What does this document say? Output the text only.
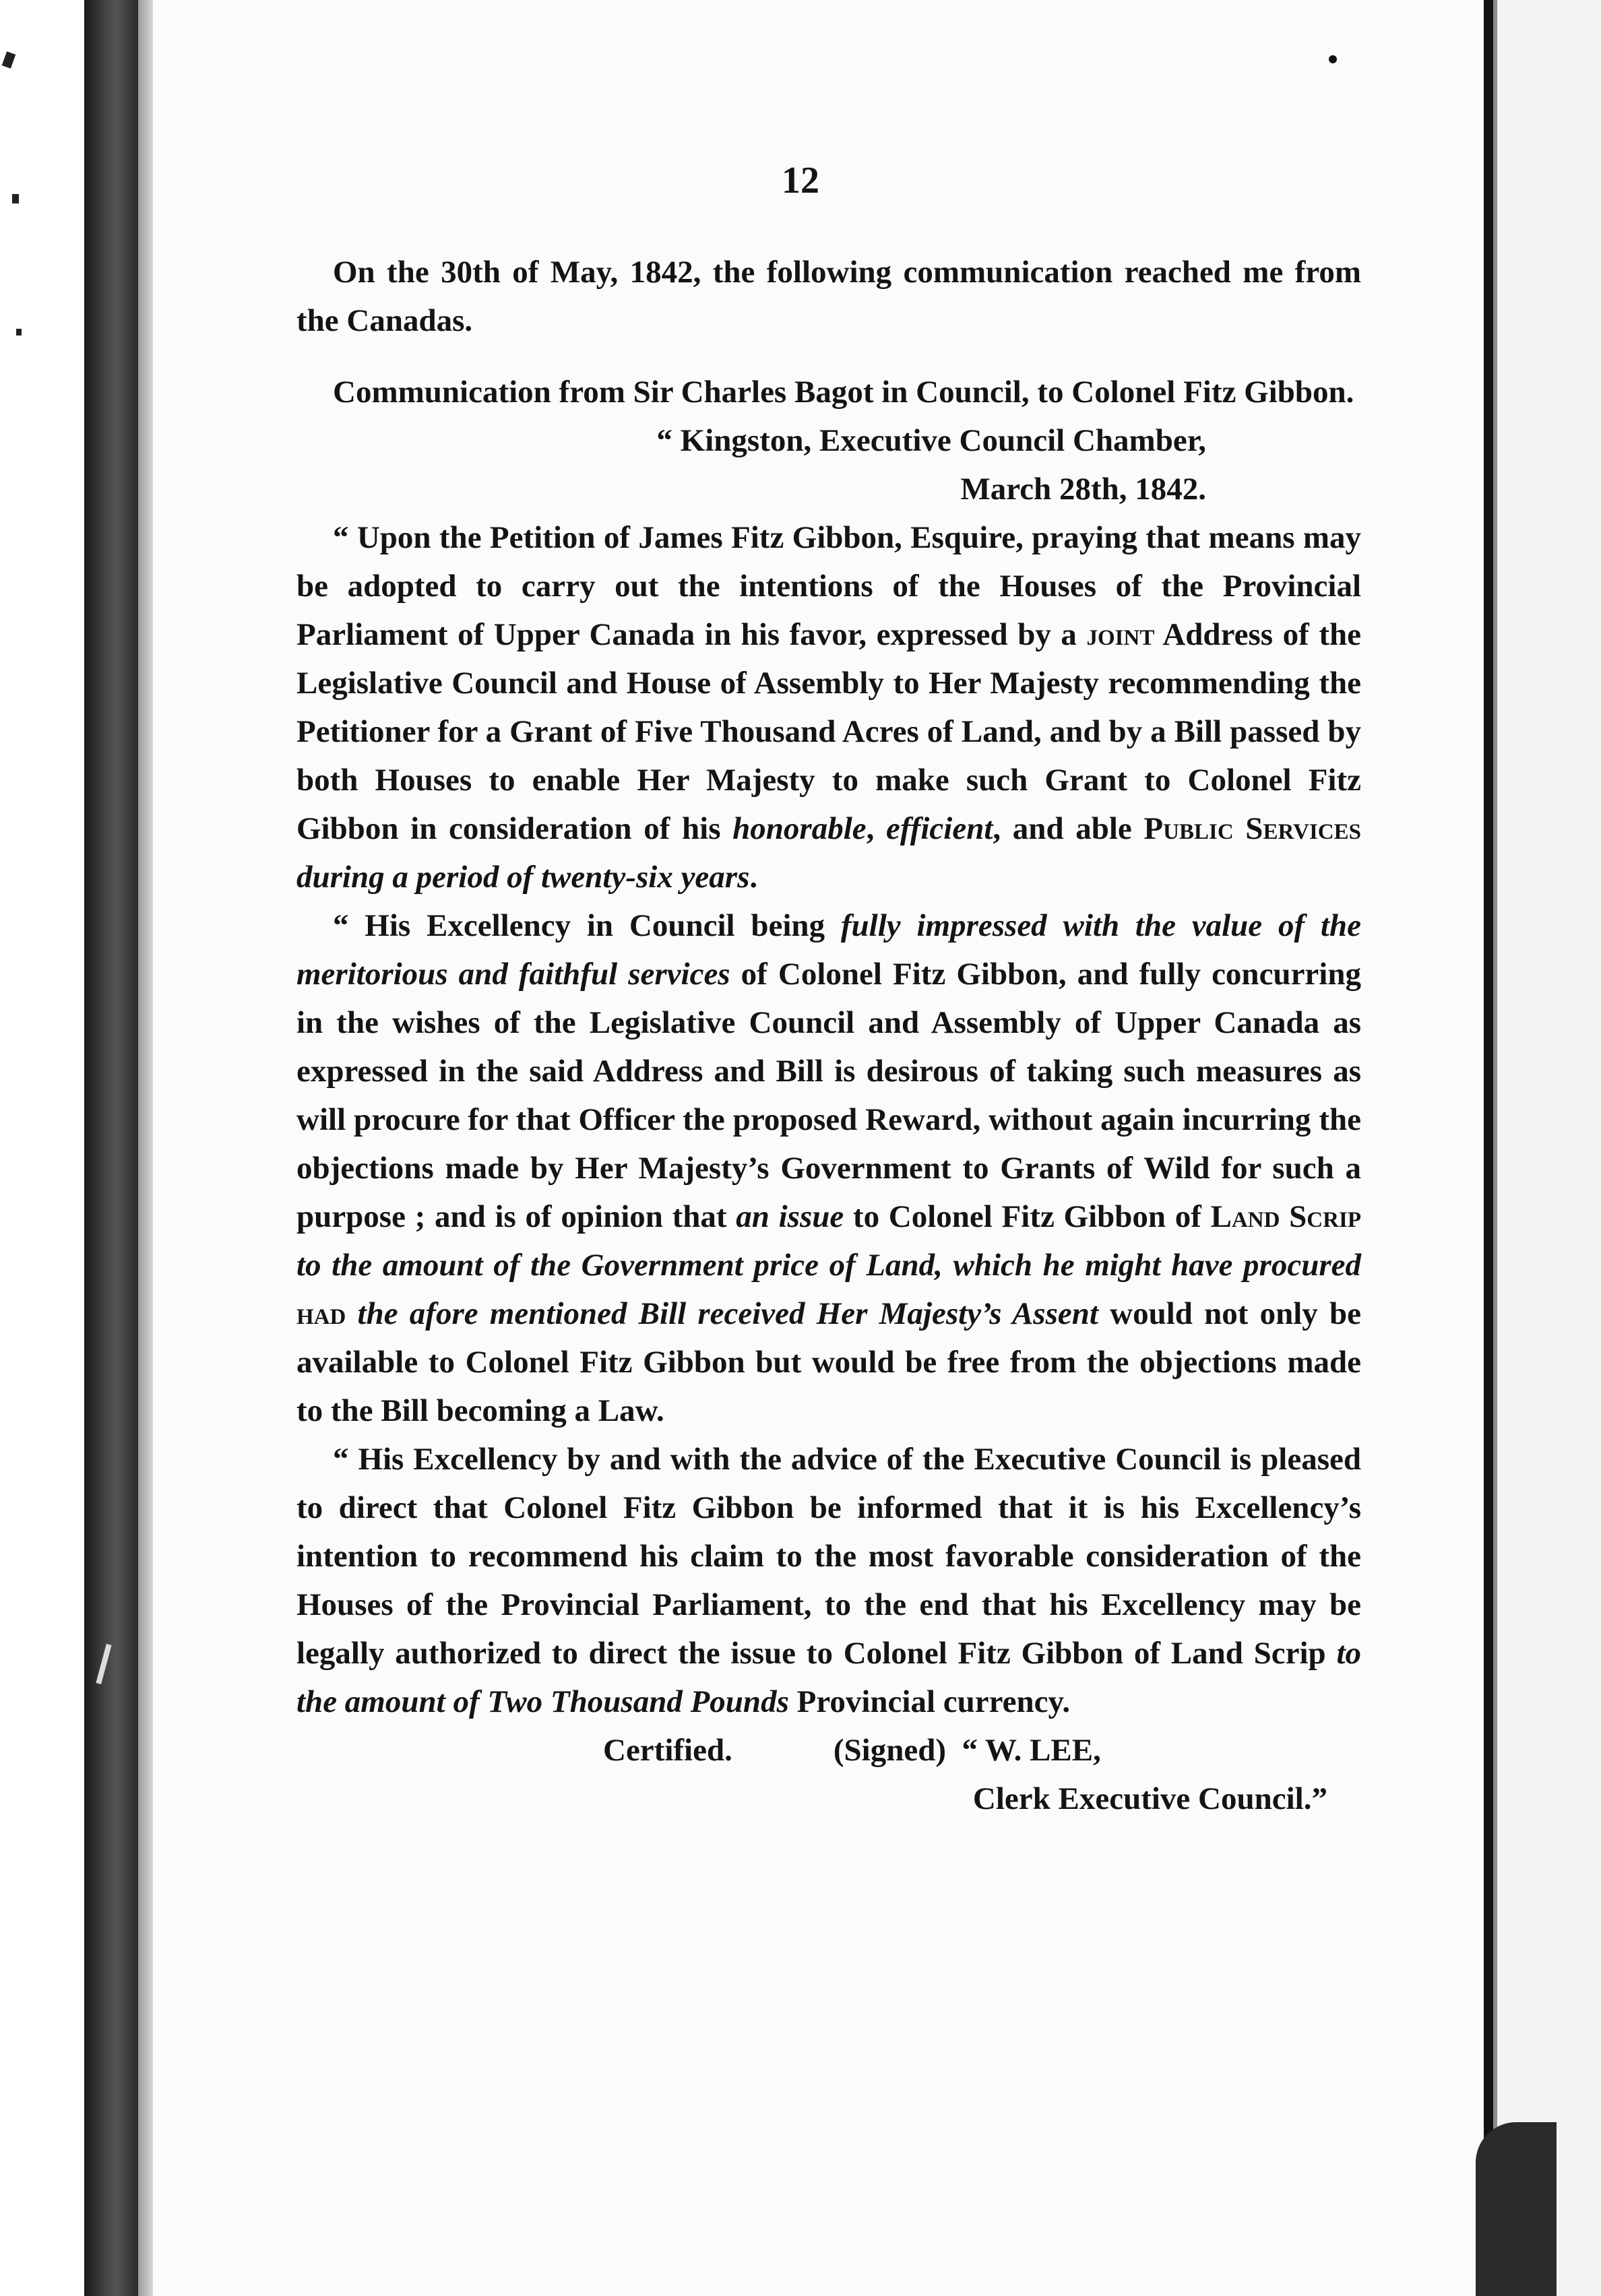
12

On the 30th of May, 1842, the following communication reached me from the Canadas.

Communication from Sir Charles Bagot in Council, to Colonel Fitz Gibbon.

“ Kingston, Executive Council Chamber,

March 28th, 1842.

“ Upon the Petition of James Fitz Gibbon, Esquire, praying that means may be adopted to carry out the intentions of the Houses of the Provincial Parliament of Upper Canada in his favor, expressed by a joint Address of the Legislative Council and House of Assembly to Her Majesty recommending the Petitioner for a Grant of Five Thousand Acres of Land, and by a Bill passed by both Houses to enable Her Majesty to make such Grant to Colonel Fitz Gibbon in consideration of his honorable, efficient, and able Public Services during a period of twenty-six years.

“ His Excellency in Council being fully impressed with the value of the meritorious and faithful services of Colonel Fitz Gibbon, and fully concurring in the wishes of the Legislative Council and Assembly of Upper Canada as expressed in the said Address and Bill is desirous of taking such measures as will procure for that Officer the proposed Reward, without again incurring the objections made by Her Majesty’s Government to Grants of Wild for such a purpose ; and is of opinion that an issue to Colonel Fitz Gibbon of Land Scrip to the amount of the Government price of Land, which he might have procured had the afore mentioned Bill received Her Majesty’s Assent would not only be available to Colonel Fitz Gibbon but would be free from the objections made to the Bill becoming a Law.

“ His Excellency by and with the advice of the Executive Council is pleased to direct that Colonel Fitz Gibbon be informed that it is his Excellency’s intention to recommend his claim to the most favorable consideration of the Houses of the Provincial Parliament, to the end that his Excellency may be legally authorized to direct the issue to Colonel Fitz Gibbon of Land Scrip to the amount of Two Thousand Pounds Provincial currency.

Certified.	(Signed)  “ W. LEE,

Clerk Executive Council.”
